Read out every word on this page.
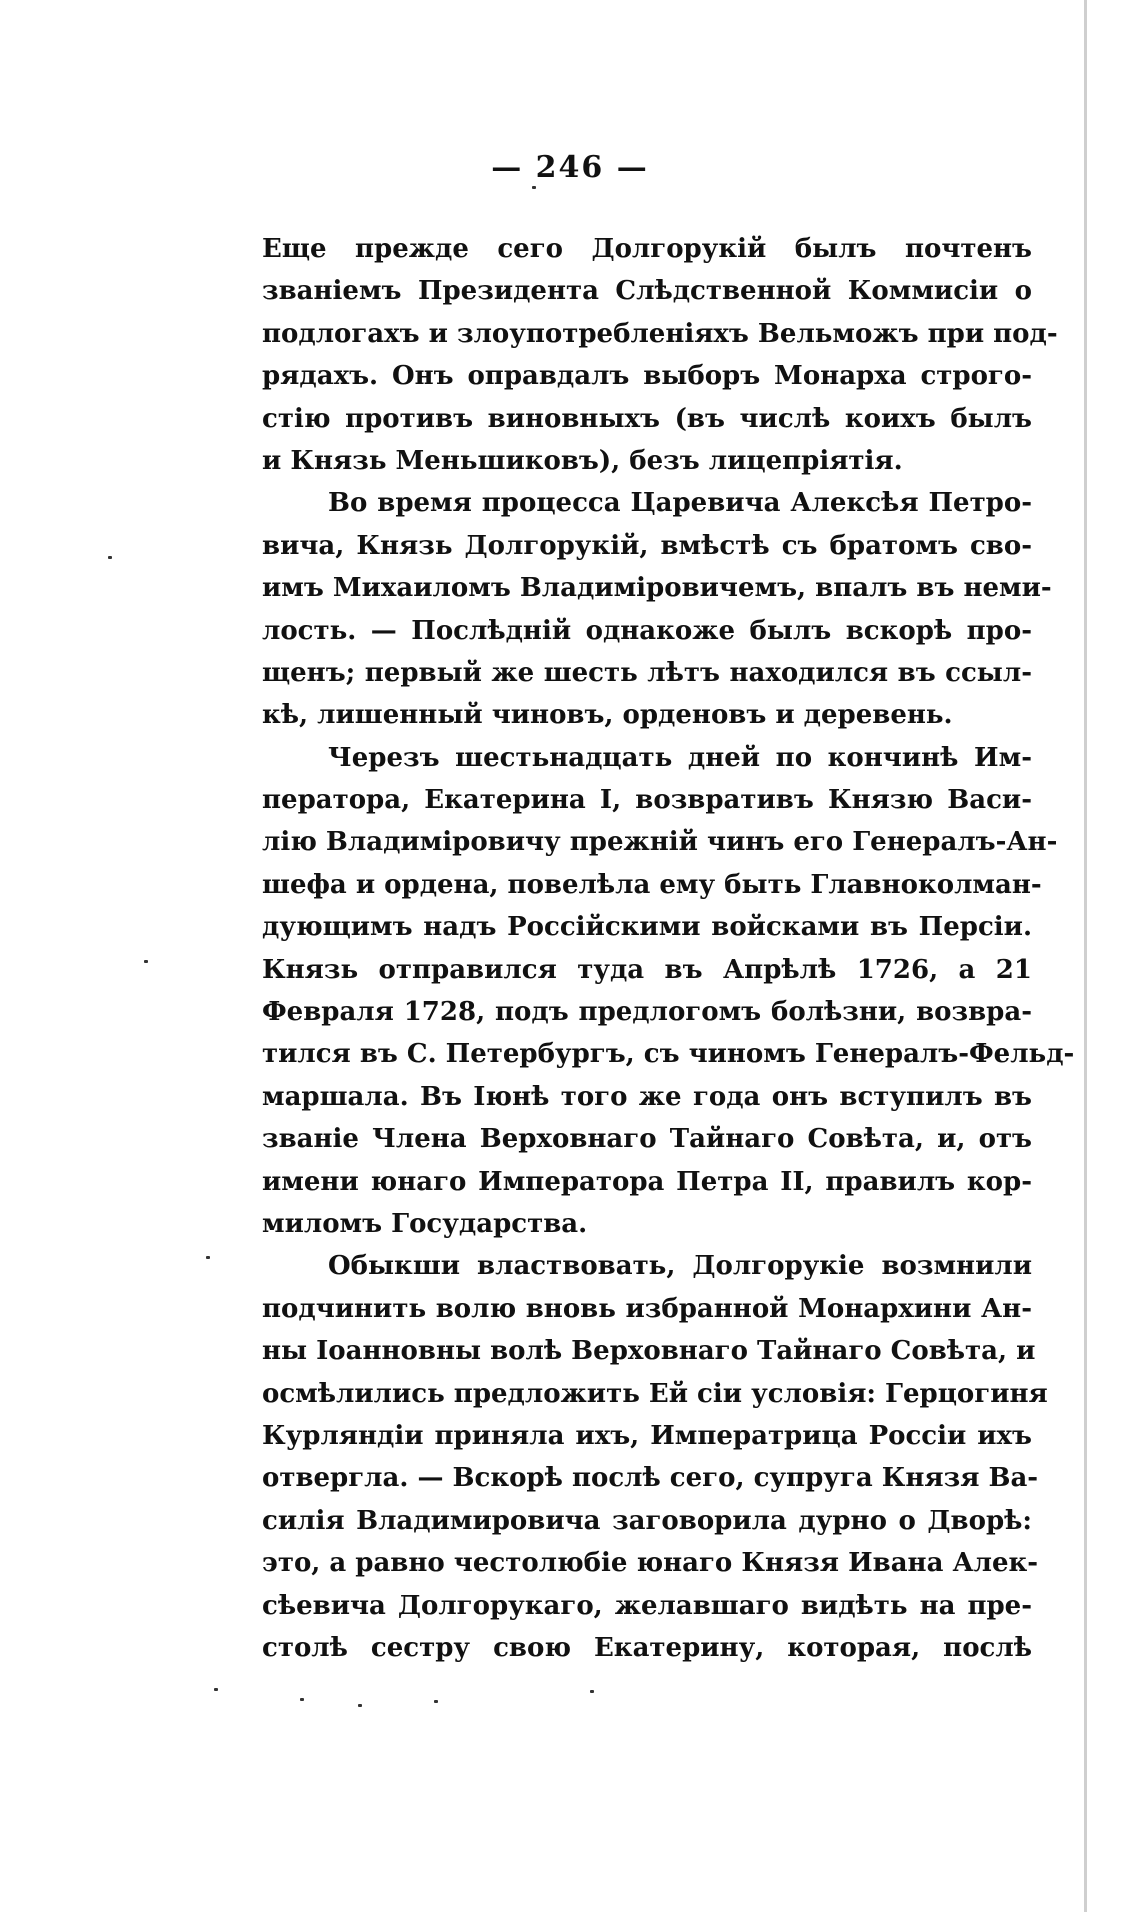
— 246 —
Еще прежде сего Долгорукій былъ почтенъ
званіемъ Президента Слѣдственной Коммисіи о
подлогахъ и злоупотребленіяхъ Вельможъ при под-
рядахъ. Онъ оправдалъ выборъ Монарха строго-
стію противъ виновныхъ (въ числѣ коихъ былъ
и Князь Меньшиковъ), безъ лицепріятія.
Во время процесса Царевича Алексѣя Петро-
вича, Князь Долгорукій, вмѣстѣ съ братомъ сво-
имъ Михаиломъ Владиміровичемъ, впалъ въ неми-
лость. — Послѣдній однакоже былъ вскорѣ про-
щенъ; первый же шесть лѣтъ находился въ ссыл-
кѣ, лишенный чиновъ, орденовъ и деревень.
Черезъ шестьнадцать дней по кончинѣ Им-
ператора, Екатерина I, возвративъ Князю Васи-
лію Владиміровичу прежній чинъ его Генералъ-Ан-
шефа и ордена, повелѣла ему быть Главноколман-
дующимъ надъ Россійскими войсками въ Персіи.
Князь отправился туда въ Апрѣлѣ 1726, а 21
Февраля 1728, подъ предлогомъ болѣзни, возвра-
тился въ С. Петербургъ, съ чиномъ Генералъ-Фельд-
маршала. Въ Іюнѣ того же года онъ вступилъ въ
званіе Члена Верховнаго Тайнаго Совѣта, и, отъ
имени юнаго Императора Петра II, правилъ кор-
миломъ Государства.
Обыкши властвовать, Долгорукіе возмнили
подчинить волю вновь избранной Монархини Ан-
ны Іоанновны волѣ Верховнаго Тайнаго Совѣта, и
осмѣлились предложить Ей сіи условія: Герцогиня
Курляндіи приняла ихъ, Императрица Россіи ихъ
отвергла. — Вскорѣ послѣ сего, супруга Князя Ва-
силія Владимировича заговорила дурно о Дворѣ:
это, а равно честолюбіе юнаго Князя Ивана Алек-
сѣевича Долгорукаго, желавшаго видѣть на пре-
столѣ сестру свою Екатерину, которая, послѣ
